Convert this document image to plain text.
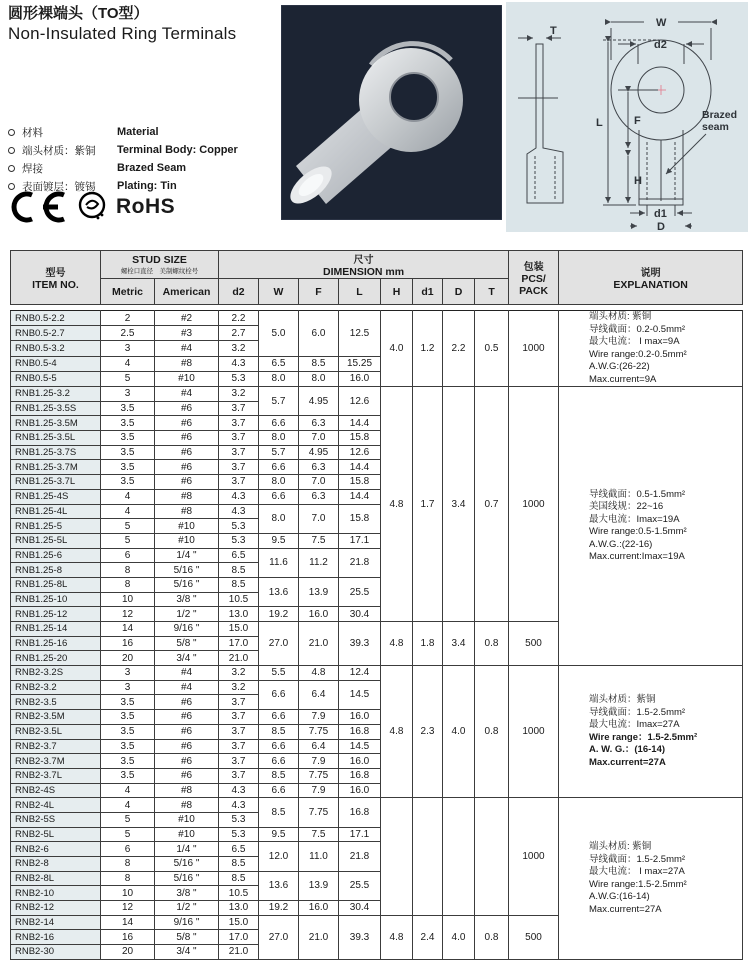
圆形裸端头（TO型）
Non-Insulated Ring Terminals	T
W
d2
L	F
H
d1
D
Brazed
seam
材料	Material
端头材质：紫铜	Terminal Body: Copper
焊接	Brazed Seam
表面镀层：镀锡	Plating: Tin
RoHS
型号
ITEM NO.

STUD SIZE
螺栓口直径　美制螺纹栓号

尺寸
DIMENSION mm	包装
PCS/
PACK

说明
EXPLANATION

	Metric	American	d2	W	F	L	H	d1	D	T		
RNB0.5-2.2	2	#2	2.2	5.0	6.0	12.5	4.0	1.2	2.2	0.5	1000	
端头材质: 紫铜
导线截面：0.2-0.5mm²
最大电流： I max=9A
Wire range:0.2-0.5mm²
A.W.G:(26-22)
Max.current=9A

RNB0.5-2.7	2.5	#3	2.7									
RNB0.5-3.2	3	#4	3.2									
RNB0.5-4	4	#8	4.3	6.5	8.5	15.25						
RNB0.5-5	5	#10	5.3	8.0	8.0	16.0						
RNB1.25-3.2	3	#4	3.2	5.7	4.95	12.6	4.8	1.7	3.4	0.7	1000	
导线截面：0.5-1.5mm²
美国线规：22~16
最大电流：Imax=19A
Wire range:0.5-1.5mm²
A.W.G.:(22-16)
Max.current:Imax=19A

RNB1.25-3.5S	3.5	#6	3.7									
RNB1.25-3.5M	3.5	#6	3.7	6.6	6.3	14.4						
RNB1.25-3.5L	3.5	#6	3.7	8.0	7.0	15.8						
RNB1.25-3.7S	3.5	#6	3.7	5.7	4.95	12.6						
RNB1.25-3.7M	3.5	#6	3.7	6.6	6.3	14.4						
RNB1.25-3.7L	3.5	#6	3.7	8.0	7.0	15.8						
RNB1.25-4S	4	#8	4.3	6.6	6.3	14.4						
RNB1.25-4L	4	#8	4.3	8.0	7.0	15.8						
RNB1.25-5	5	#10	5.3									
RNB1.25-5L	5	#10	5.3	9.5	7.5	17.1						
RNB1.25-6	6	1/4 "	6.5	11.6	11.2	21.8						
RNB1.25-8	8	5/16 "	8.5									
RNB1.25-8L	8	5/16 "	8.5	13.6	13.9	25.5						
RNB1.25-10	10	3/8 "	10.5									
RNB1.25-12	12	1/2 "	13.0	19.2	16.0	30.4						
RNB1.25-14	14	9/16 "	15.0	27.0	21.0	39.3	4.8	1.8	3.4	0.8	500	
RNB1.25-16	16	5/8 "	17.0									
RNB1.25-20	20	3/4 "	21.0									
RNB2-3.2S	3	#4	3.2	5.5	4.8	12.4	4.8	2.3	4.0	0.8	1000	
端头材质：紫铜
导线截面：1.5-2.5mm²
最大电流：Imax=27A
Wire range：1.5-2.5mm²
A. W. G.：(16-14)
Max.current=27A

RNB2-3.2	3	#4	3.2	6.6	6.4	14.5						
RNB2-3.5	3.5	#6	3.7									
RNB2-3.5M	3.5	#6	3.7	6.6	7.9	16.0						
RNB2-3.5L	3.5	#6	3.7	8.5	7.75	16.8						
RNB2-3.7	3.5	#6	3.7	6.6	6.4	14.5						
RNB2-3.7M	3.5	#6	3.7	6.6	7.9	16.0						
RNB2-3.7L	3.5	#6	3.7	8.5	7.75	16.8						
RNB2-4S	4	#8	4.3	6.6	7.9	16.0						
RNB2-4L	4	#8	4.3	8.5	7.75	16.8					1000	
端头材质: 紫铜
导线截面：1.5-2.5mm²
最大电流： I max=27A
Wire range:1.5-2.5mm²
A.W.G:(16-14)
Max.current=27A

RNB2-5S	5	#10	5.3									
RNB2-5L	5	#10	5.3	9.5	7.5	17.1						
RNB2-6	6	1/4 "	6.5	12.0	11.0	21.8						
RNB2-8	8	5/16 "	8.5									
RNB2-8L	8	5/16 "	8.5	13.6	13.9	25.5						
RNB2-10	10	3/8 "	10.5									
RNB2-12	12	1/2 "	13.0	19.2	16.0	30.4						
RNB2-14	14	9/16 "	15.0	27.0	21.0	39.3	4.8	2.4	4.0	0.8	500	
RNB2-16	16	5/8 "	17.0									
RNB2-30	20	3/4 "	21.0									
